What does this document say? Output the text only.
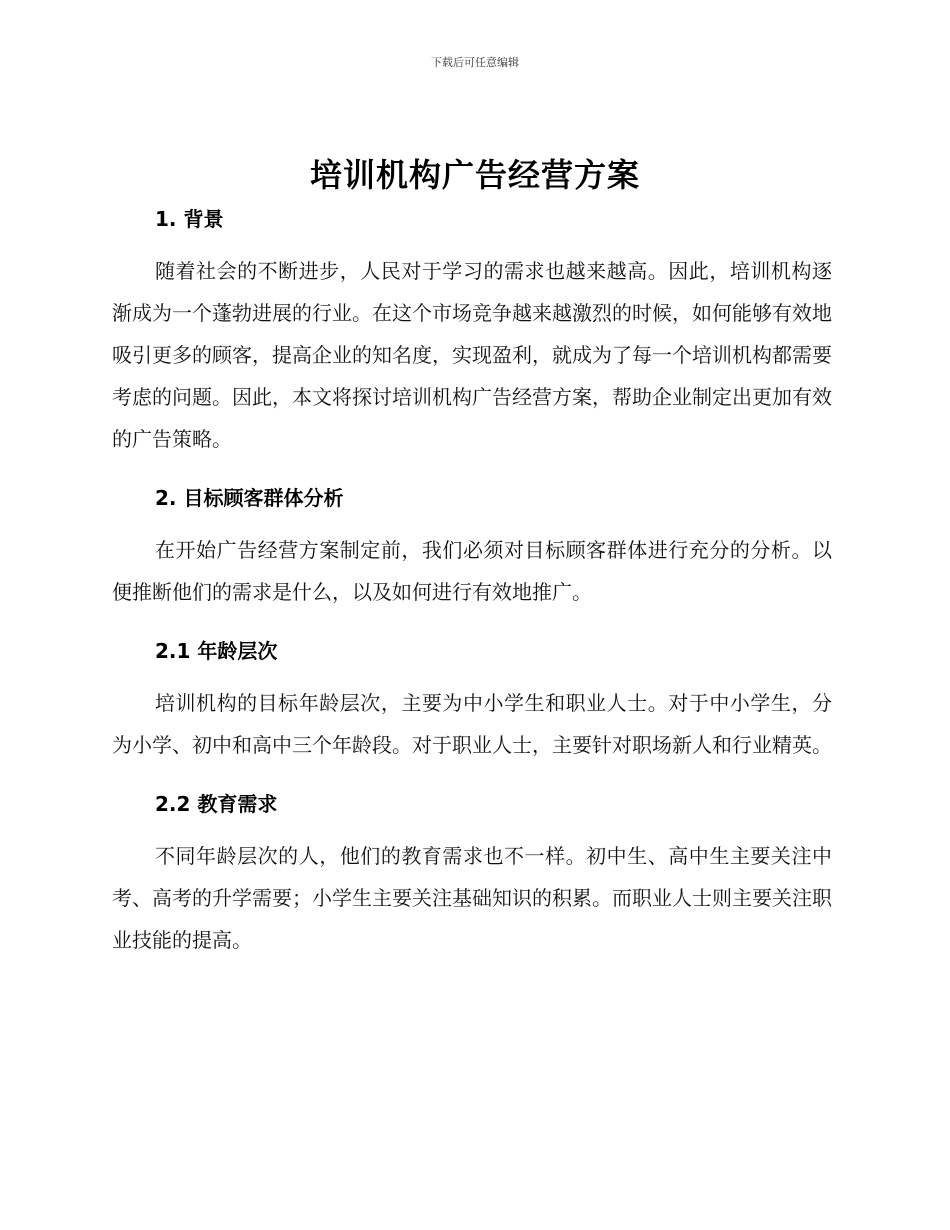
下载后可任意编辑
培训机构广告经营方案
1. 背景

随着社会的不断进步，人民对于学习的需求也越来越高。因此，培训机构逐渐成为一个蓬勃进展的行业。在这个市场竞争越来越激烈的时候，如何能够有效地吸引更多的顾客，提高企业的知名度，实现盈利，就成为了每一个培训机构都需要考虑的问题。因此，本文将探讨培训机构广告经营方案，帮助企业制定出更加有效的广告策略。

2. 目标顾客群体分析

在开始广告经营方案制定前，我们必须对目标顾客群体进行充分的分析。以便推断他们的需求是什么，以及如何进行有效地推广。

2.1 年龄层次

培训机构的目标年龄层次，主要为中小学生和职业人士。对于中小学生，分为小学、初中和高中三个年龄段。对于职业人士，主要针对职场新人和行业精英。

2.2 教育需求

不同年龄层次的人，他们的教育需求也不一样。初中生、高中生主要关注中考、高考的升学需要；小学生主要关注基础知识的积累。而职业人士则主要关注职业技能的提高。
